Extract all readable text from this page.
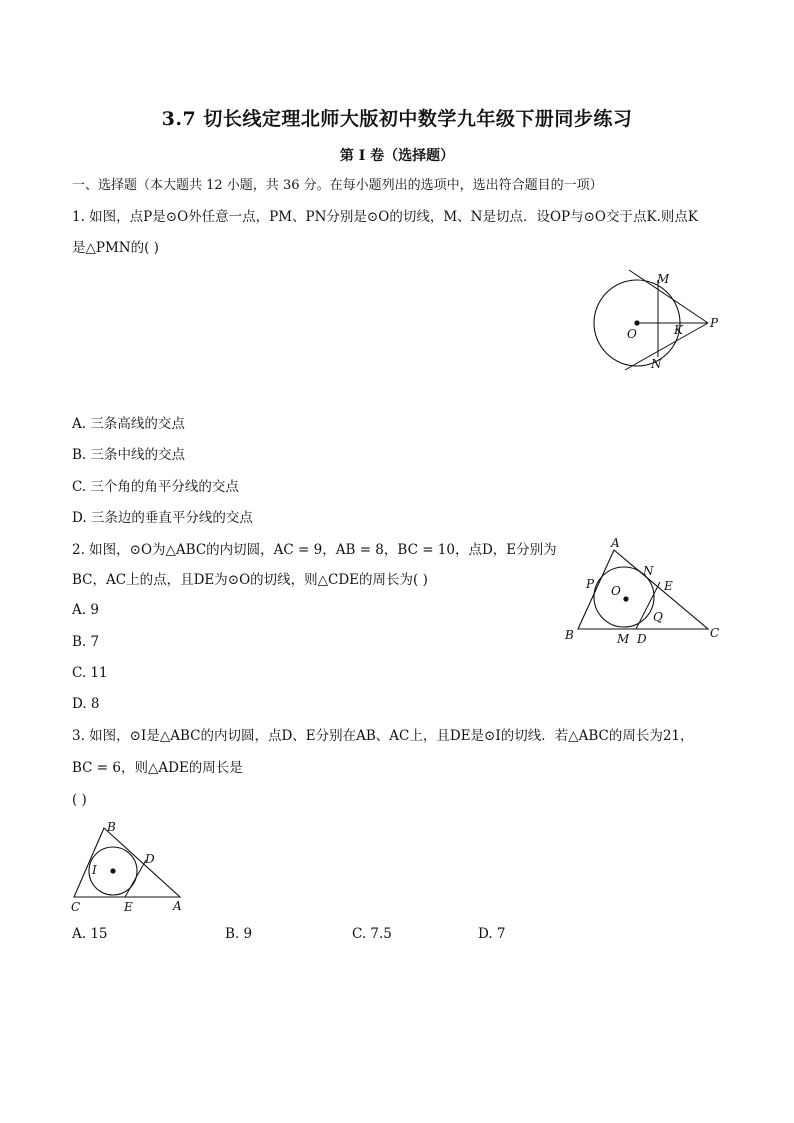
3.7 切长线定理北师大版初中数学九年级下册同步练习
第 I 卷（选择题）
一、选择题（本大题共 12 小题，共 36 分。在每小题列出的选项中，选出符合题目的一项）
1. 如图，点P是⊙O外任意一点，PM、PN分别是⊙O的切线，M、N是切点．设OP与⊙O交于点K.则点K
是△PMN的( )
M
O	K P
N
A. 三条高线的交点
B. 三条中线的交点
C. 三个角的角平分线的交点
D. 三条边的垂直平分线的交点
2. 如图，⊙O为△ABC的内切圆，AC = 9，AB = 8，BC = 10，点D，E分别为
BC，AC上的点，且DE为⊙O的切线，则△CDE的周长为( )
A
P O
N
E
Q
B	M D	C
A. 9
B. 7
C. 11
D. 8
3. 如图，⊙I是△ABC的内切圆，点D、E分别在AB、AC上，且DE是⊙I的切线．若△ABC的周长为21，
BC = 6，则△ADE的周长是
( )
B
I
D
C	E	A
A. 15	B. 9	C. 7.5	D. 7
